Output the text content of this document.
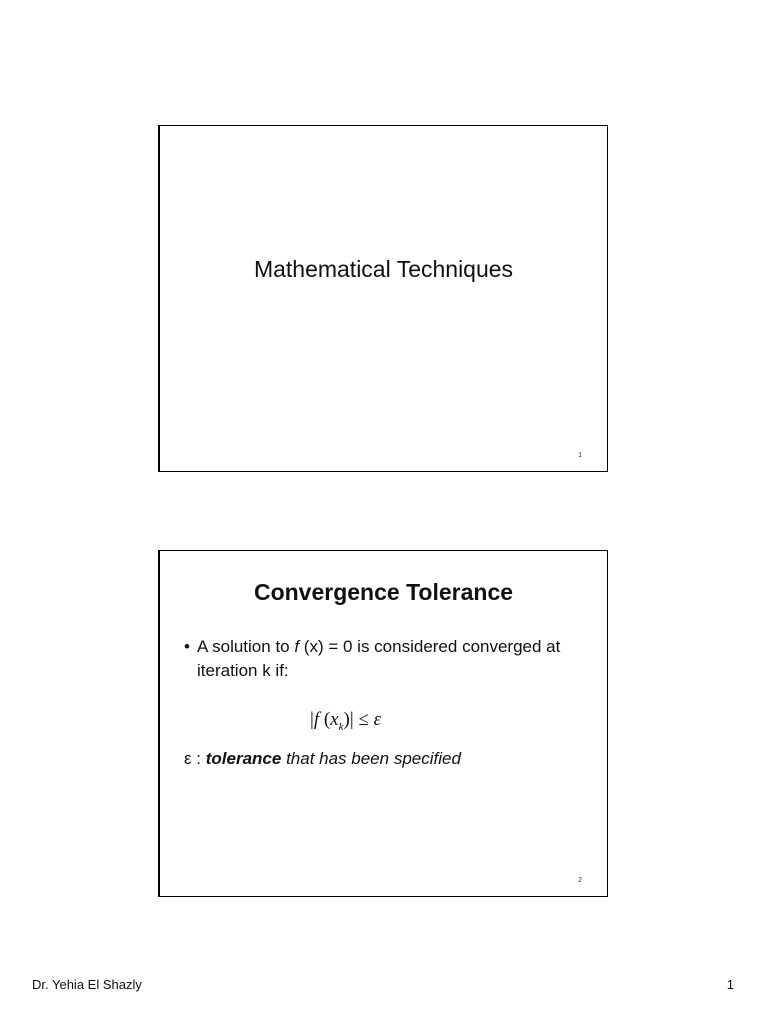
Mathematical Techniques
1
Convergence Tolerance
• A solution to f (x) = 0 is considered converged at iteration k if:
|f $(x_k)| \le \varepsilon$
ε : tolerance that has been specified
2
Dr. Yehia El Shazly	1
